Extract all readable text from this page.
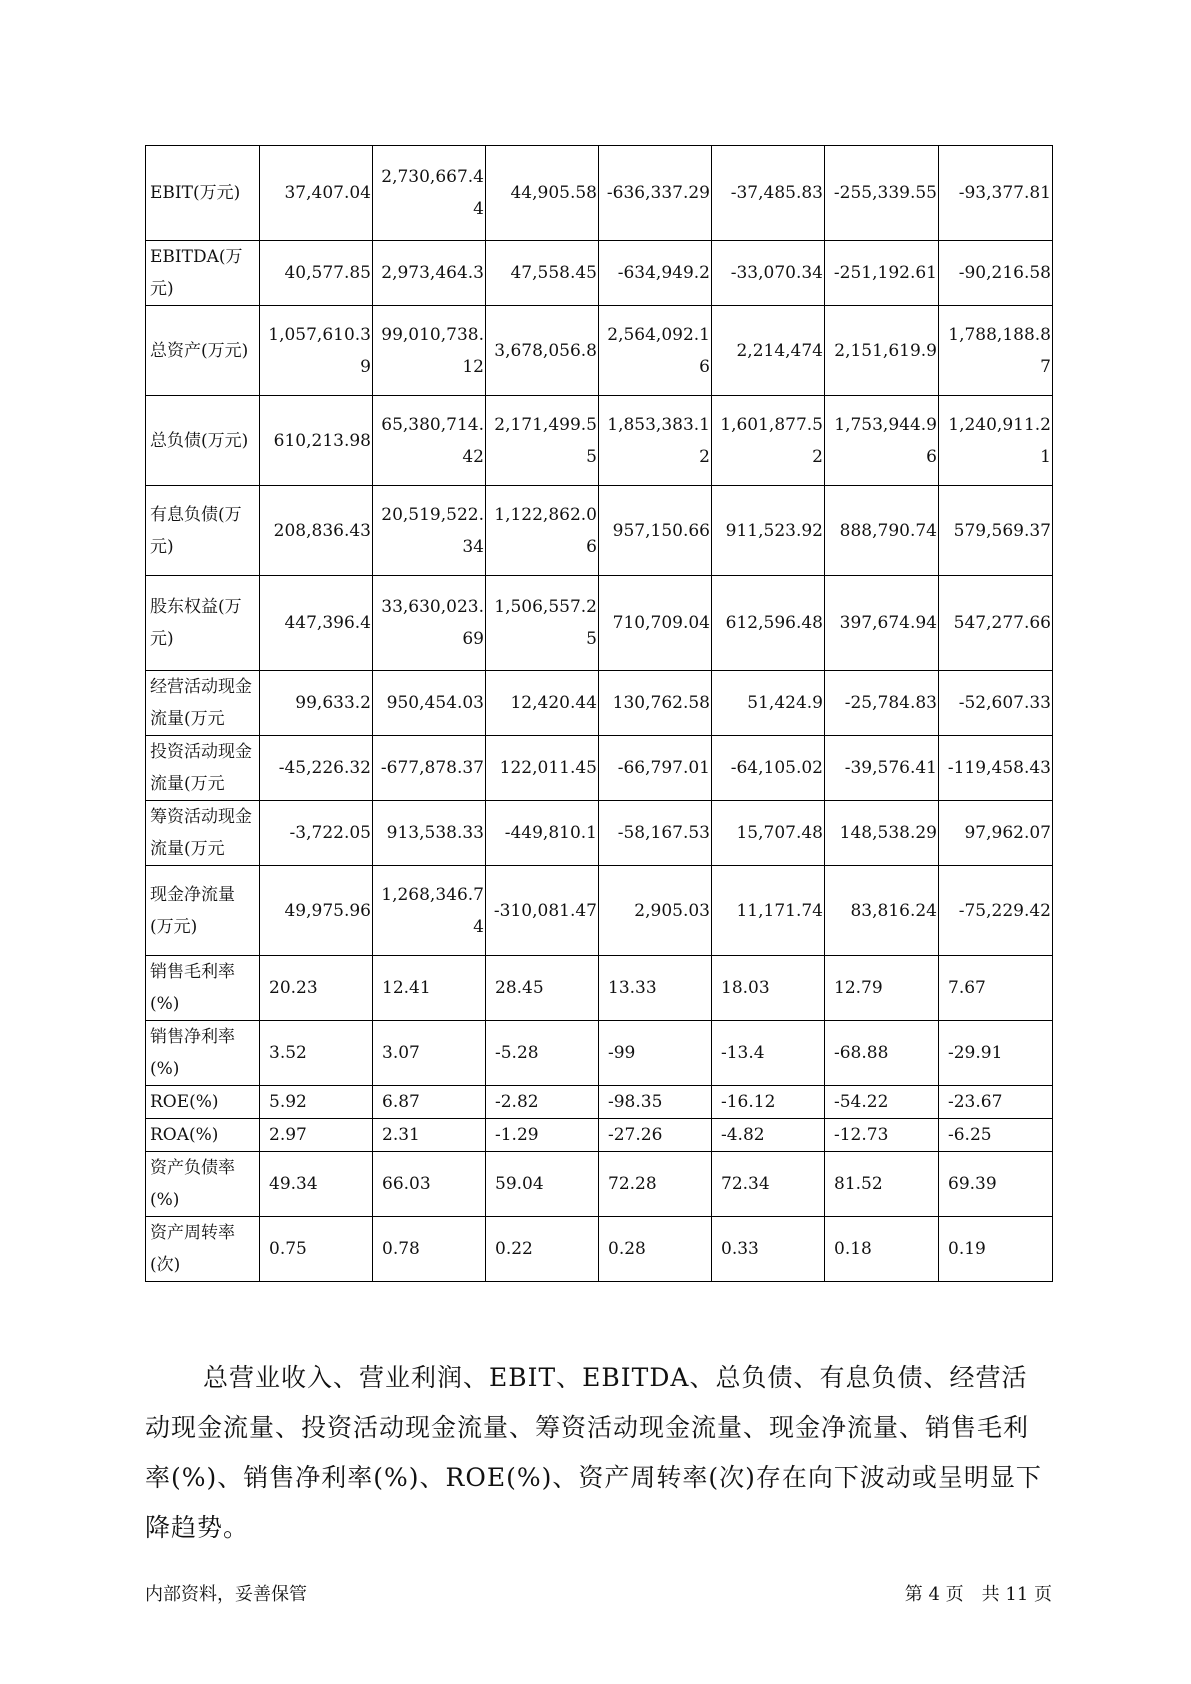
EBIT(万元)	37,407.04	2,730,667.44	44,905.58	-636,337.29	-37,485.83	-255,339.55	-93,377.81
EBITDA(万元)	40,577.85	2,973,464.3	47,558.45	-634,949.2	-33,070.34	-251,192.61	-90,216.58
总资产(万元)	1,057,610.39	99,010,738.12	3,678,056.8	2,564,092.16	2,214,474	2,151,619.9	1,788,188.87
总负债(万元)	610,213.98	65,380,714.42	2,171,499.55	1,853,383.12	1,601,877.52	1,753,944.96	1,240,911.21
有息负债(万元)	208,836.43	20,519,522.34	1,122,862.06	957,150.66	911,523.92	888,790.74	579,569.37
股东权益(万元)	447,396.4	33,630,023.69	1,506,557.25	710,709.04	612,596.48	397,674.94	547,277.66
经营活动现金流量(万元	99,633.2	950,454.03	12,420.44	130,762.58	51,424.9	-25,784.83	-52,607.33
投资活动现金流量(万元	-45,226.32	-677,878.37	122,011.45	-66,797.01	-64,105.02	-39,576.41	-119,458.43
筹资活动现金流量(万元	-3,722.05	913,538.33	-449,810.1	-58,167.53	15,707.48	148,538.29	97,962.07
现金净流量(万元)	49,975.96	1,268,346.74	-310,081.47	2,905.03	11,171.74	83,816.24	-75,229.42
销售毛利率(%)	20.23	12.41	28.45	13.33	18.03	12.79	7.67
销售净利率(%)	3.52	3.07	-5.28	-99	-13.4	-68.88	-29.91
ROE(%)	5.92	6.87	-2.82	-98.35	-16.12	-54.22	-23.67
ROA(%)	2.97	2.31	-1.29	-27.26	-4.82	-12.73	-6.25
资产负债率(%)	49.34	66.03	59.04	72.28	72.34	81.52	69.39
资产周转率(次)	0.75	0.78	0.22	0.28	0.33	0.18	0.19

总营业收入、营业利润、EBIT、EBITDA、总负债、有息负债、经营活动现金流量、投资活动现金流量、筹资活动现金流量、现金净流量、销售毛利率(%)、销售净利率(%)、ROE(%)、资产周转率(次)存在向下波动或呈明显下降趋势。

内部资料，妥善保管	第 4 页　共 11 页
